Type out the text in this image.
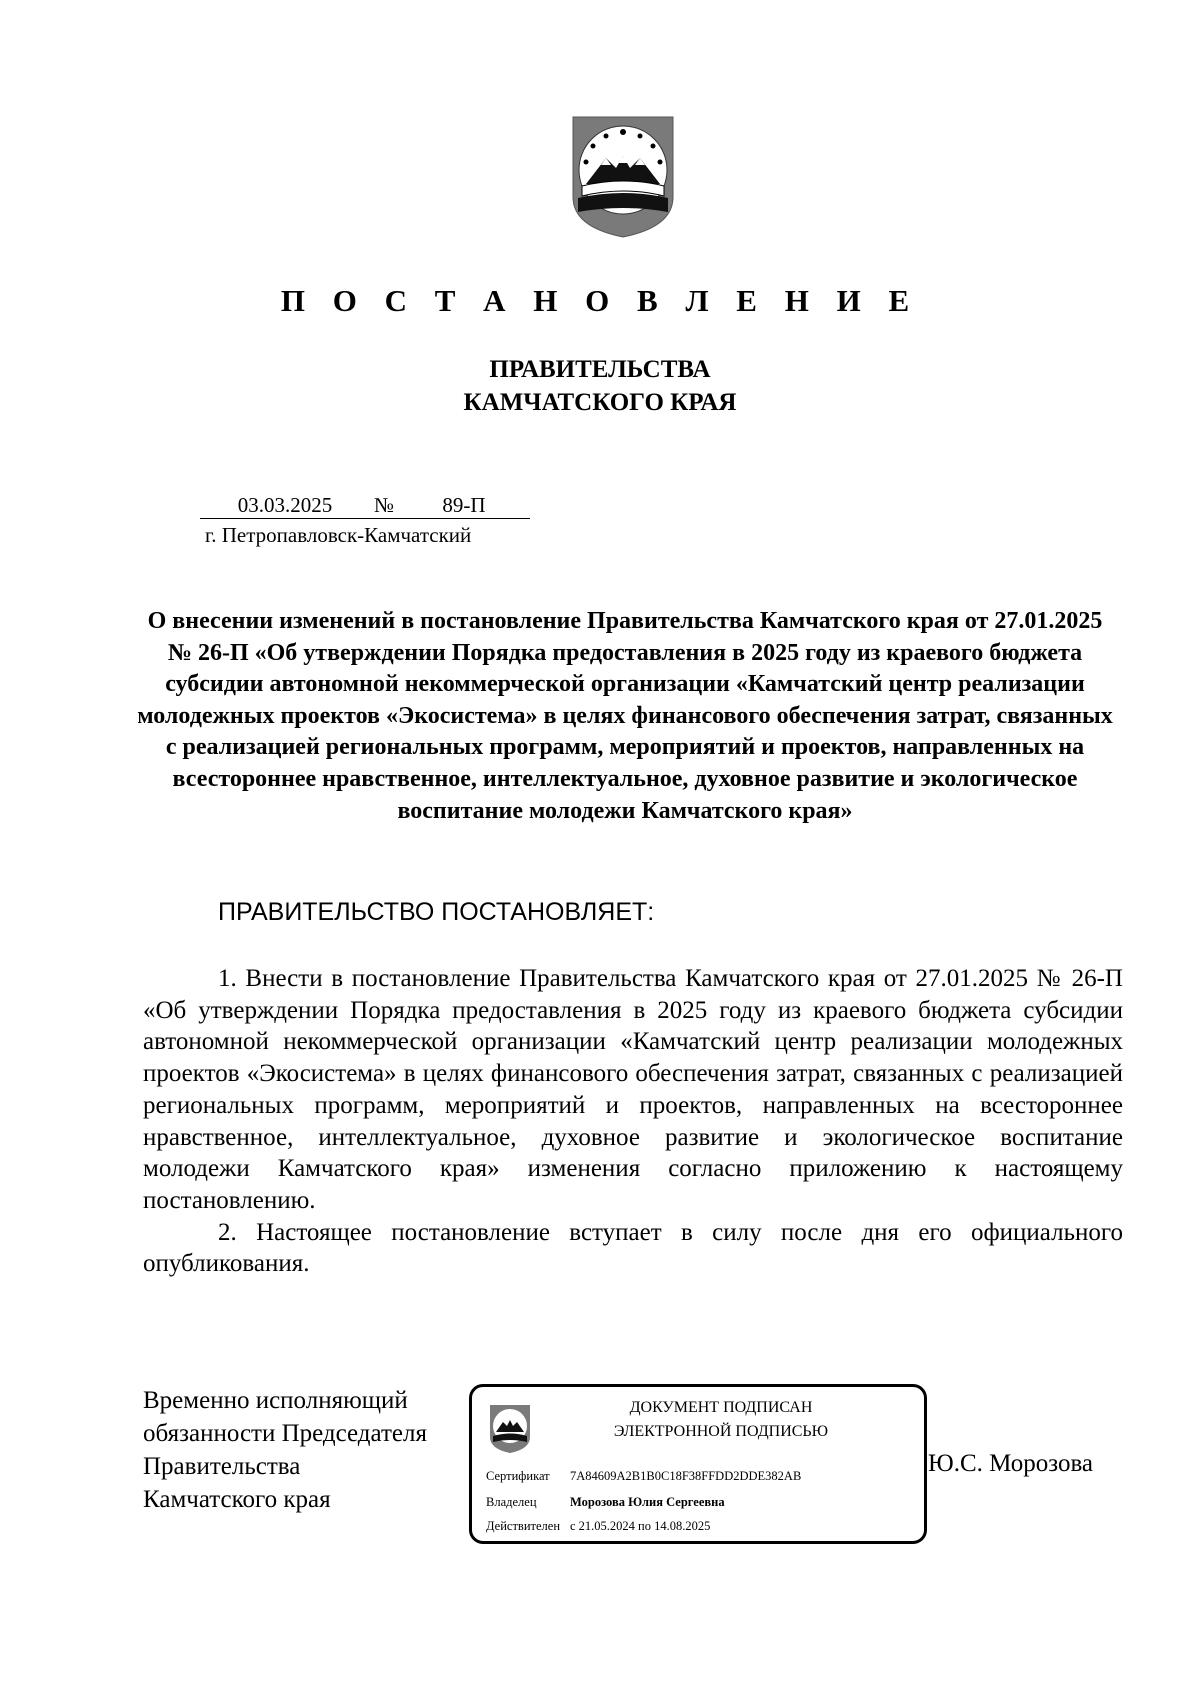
П О С Т А Н О В Л Е Н И Е
ПРАВИТЕЛЬСТВА
КАМЧАТСКОГО КРАЯ
03.03.2025 № 89-П
г. Петропавловск-Камчатский
О внесении изменений в постановление Правительства Камчатского края от 27.01.2025 № 26-П «Об утверждении Порядка предоставления в 2025 году из краевого бюджета субсидии автономной некоммерческой организации «Камчатский центр реализации молодежных проектов «Экосистема» в целях финансового обеспечения затрат, связанных с реализацией региональных программ, мероприятий и проектов, направленных на всестороннее нравственное, интеллектуальное, духовное развитие и экологическое воспитание молодежи Камчатского края»
ПРАВИТЕЛЬСТВО ПОСТАНОВЛЯЕТ:

1. Внести в постановление Правительства Камчатского края от 27.01.2025 № 26-П «Об утверждении Порядка предоставления в 2025 году из краевого бюджета субсидии автономной некоммерческой организации «Камчатский центр реализации молодежных проектов «Экосистема» в целях финансового обеспечения затрат, связанных с реализацией региональных программ, мероприятий и проектов, направленных на всестороннее нравственное, интеллектуальное, духовное развитие и экологическое воспитание молодежи Камчатского края» изменения согласно приложению к настоящему постановлению.

2. Настоящее постановление вступает в силу после дня его официального опубликования.

Временно исполняющий
обязанности Председателя
Правительства
Камчатского края
ДОКУМЕНТ ПОДПИСАН
ЭЛЕКТРОННОЙ ПОДПИСЬЮ
Сертификат 7A84609A2B1B0C18F38FFDD2DDE382AB
Владелец	Морозова Юлия Сергеевна
Действителен с 21.05.2024 по 14.08.2025
Ю.С. Морозова
